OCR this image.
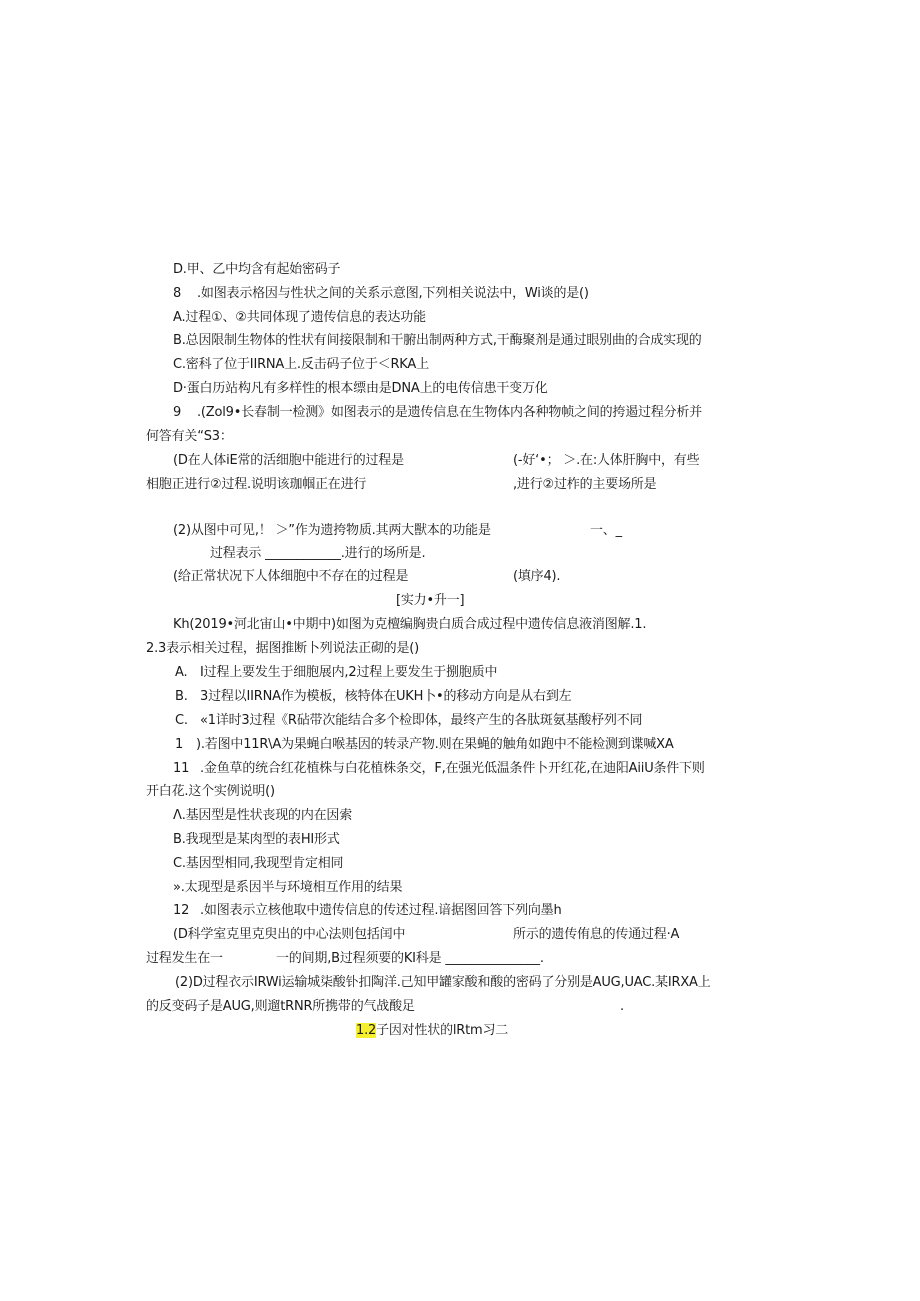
D.甲、乙中均含有起始密码子
8 .如图表示格因与性状之间的关系示意图,下列相关说法中，Wi谈的是()
A.过程①、②共同体现了遗传信息的表达功能
B.总因限制生物体的性状有间接限制和干腑出制两种方式,干酶聚剂是通过眼别曲的合成实现的
C.密科了位于IIRNA上.反击码子位于＜RKA上
D·蛋白历站构凡有多样性的根本缥由是DNA上的电传信患干变万化
9 .(Zol9•长春制一检测》如图表示的是遗传信息在生物体内各种物帧之间的挎遏过程分析并
何答有关“S3：
(D在人体iE常的活细胞中能进行的过程是	(-好‘•； ＞.在:人体肝胸中，有些
相胞正进行②过程.说明该珈帼正在进行	,进行②过柞的主要场所是
(2)从图中可见,！ ＞”作为遗挎物质.其两大獸本的功能是	一、_
过程表示 ____________.进行的场所是.
(给正常状况下人体细胞中不存在的过程是	(填序4).
[实力•升一]
Kh(2019•河北宙山•中期中)如图为克檀编胸贵白质合成过程中遗传信息液消图解.1.
2.3表示相关过程，据图推断卜列说法正砌的是()
A. I过程上要发生于细胞展内,2过程上要发生于捌胞质中
B. 3过程以IIRNA作为模板，核特体在UKH卜•的移动方向是从右到左
C. «1详时3过程《R砧带次能结合多个检即体，最终产生的各肽斑氨基酸杼列不同
1 ).若图中11R\A为果蝇白喉基因的转录产物.则在果蝇的触角如跑中不能检测到谍喊XA
11 .金鱼草的统合红花植株与白花植株条交，F,在强光低温条件卜开红花,在迪阳AiiU条件下则
开白花.这个实例说明()
Λ.基因型是性状丧现的内在因索
B.我现型是某肉型的表HI形式
C.基因型相同,我现型肯定相同
».太现型是系因半与环境相互作用的结果
12 .如图表示立核他取中遗传信息的传述过程.谙据图回答下列向墨h
(D科学室克里克臾出的中心法则包括闰中	所示的遗传侑息的传通过程·A
过程发生在一	一的间期,B过程须要的KI科是 _______________.
(2)D过程衣示IRWi运输城柒酸钋扣陶洋.己知甲罐家酸和酸的密码了分别是AUG,UAC.某IRXA上
的反变码子是AUG,则遛tRNR所携带的气战酸足	.
1.2子因对性状的lRtm习二
